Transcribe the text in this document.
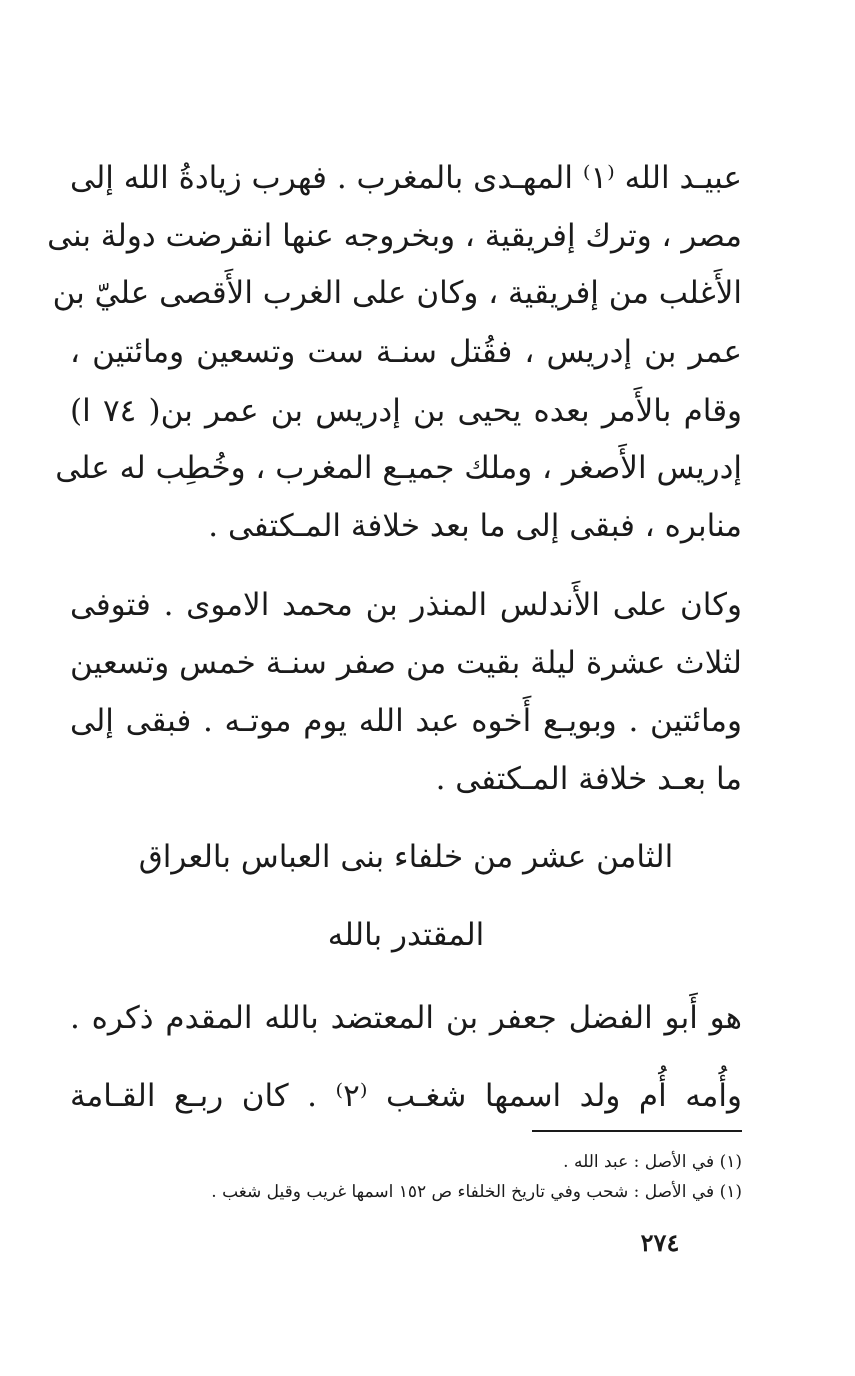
عبيـد الله ⁽١⁾ المهـدى بالمغرب . فهرب زيادةُ الله إلى
مصر ، وترك إفريقية ، وبخروجه عنها انقرضت دولة بنى
الأَغلب من إفريقية ، وكان على الغرب الأَقصى عليّ بن
عمر بن إدريس ، فقُتل سنـة ست وتسعين ومائتين ،
وقام بالأَمر بعده يحيى بن إدريس بن عمر بن( ٧٤ ا)
إدريس الأَصغر ، وملك جميـع المغرب ، وخُطِب له على
منابره ، فبقى إلى ما بعد خلافة المـكتفى .
وكان على الأَندلس المنذر بن محمد الاموى . فتوفى
لثلاث عشرة ليلة بقيت من صفر سنـة خمس وتسعين
ومائتين . وبويـع أَخوه عبد الله يوم موتـه . فبقى إلى
ما بعـد خلافة المـكتفى .
الثامن عشر من خلفاء بنى العباس بالعراق
المقتدر بالله
هو أَبو الفضل جعفر بن المعتضد بالله المقدم ذكره .
وأُمه أُم ولد اسمها شغـب ⁽٢⁾ . كان ربـع القـامة
(١) في الأصل : عبد الله .
(١) في الأصل : شحب وفي تاريخ الخلفاء ص ١٥٢ اسمها غريب وقيل شغب .
٢٧٤
